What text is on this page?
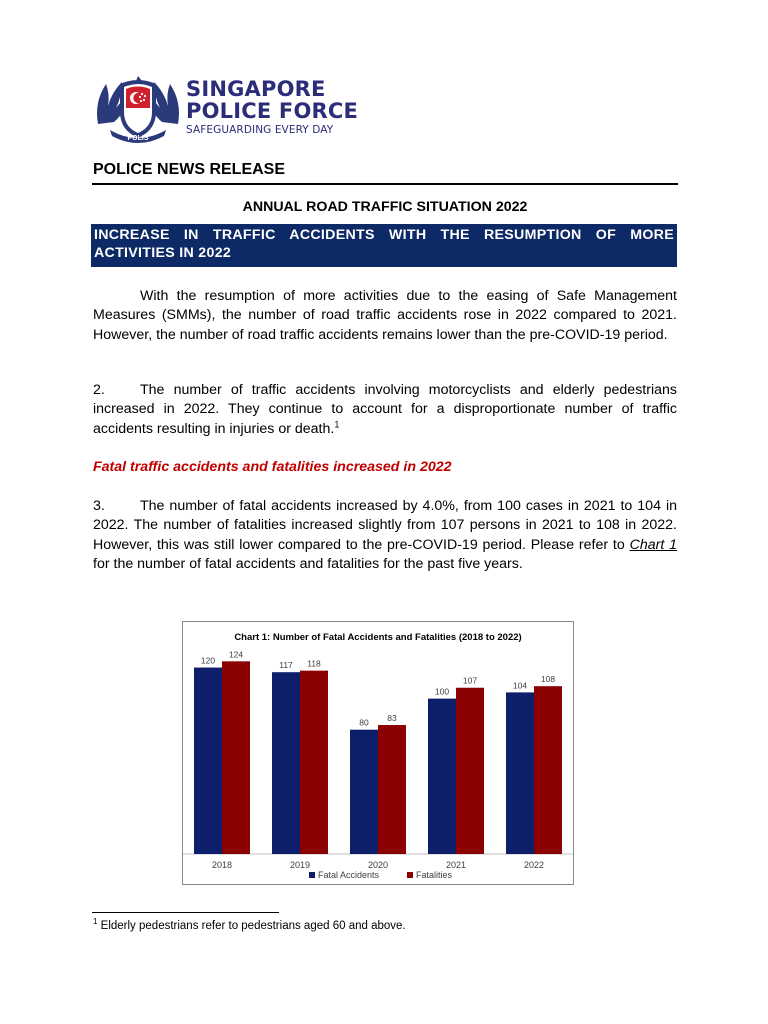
POLIS
SINGAPORE
POLICE FORCE
SAFEGUARDING EVERY DAY
POLICE NEWS RELEASE
ANNUAL ROAD TRAFFIC SITUATION 2022
INCREASE IN TRAFFIC ACCIDENTS WITH THE RESUMPTION OF MORE ACTIVITIES IN 2022
With the resumption of more activities due to the easing of Safe Management Measures (SMMs), the number of road traffic accidents rose in 2022 compared to 2021. However, the number of road traffic accidents remains lower than the pre-COVID-19 period.
2. The number of traffic accidents involving motorcyclists and elderly pedestrians increased in 2022. They continue to account for a disproportionate number of traffic accidents resulting in injuries or death.$^1$
Fatal traffic accidents and fatalities increased in 2022
3. The number of fatal accidents increased by 4.0%, from 100 cases in 2021 to 104 in 2022. The number of fatalities increased slightly from 107 persons in 2021 to 108 in 2022. However, this was still lower compared to the pre-COVID-19 period. Please refer to Chart 1 for the number of fatal accidents and fatalities for the past five years.
Chart 1: Number of Fatal Accidents and Fatalities (2018 to 2022)
120
124
2018
117 118
2019
80 83
2020
100
107
2021
104
108
2022
Fatal Accidents	Fatalities
$^1$ Elderly pedestrians refer to pedestrians aged 60 and above.
